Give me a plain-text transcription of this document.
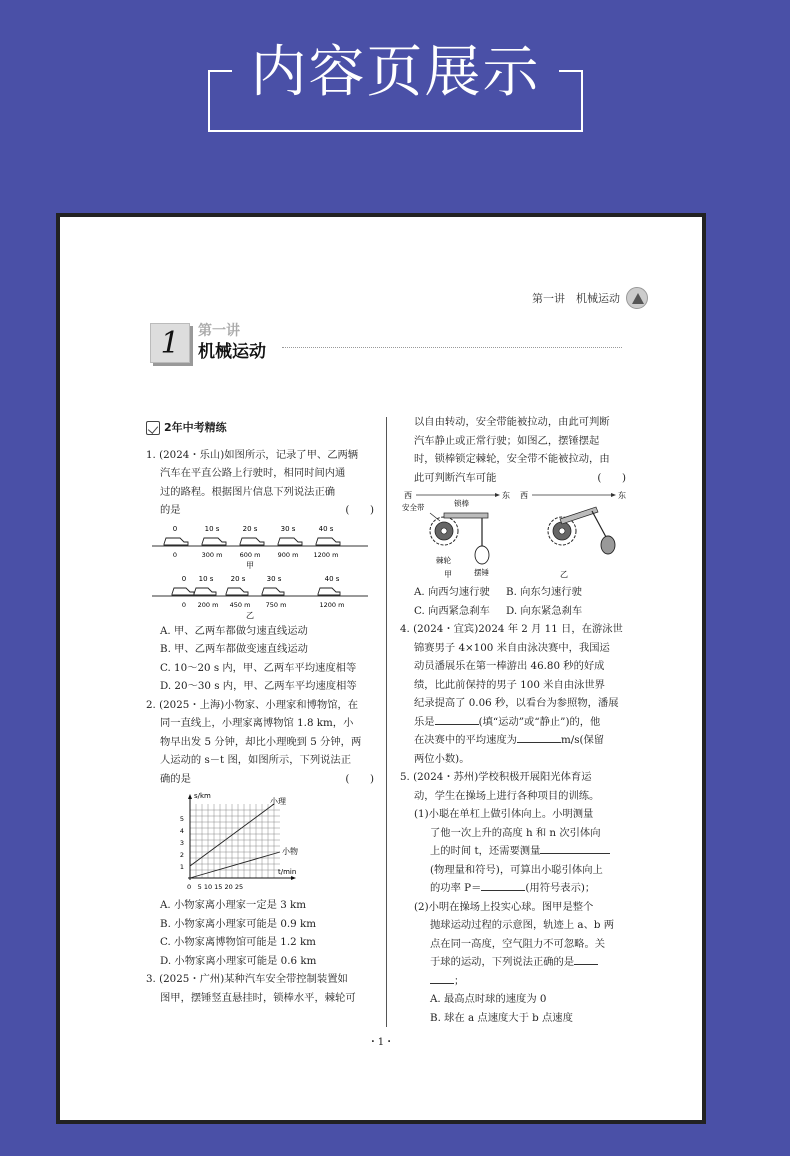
内容页展示
第一讲　机械运动
1	第一讲
机械运动
2年中考精练
1. (2024・乐山)如图所示，记录了甲、乙两辆
汽车在平直公路上行驶时，相同时间内通
过的路程。根据图片信息下列说法正确
的是	(　　)
0	10 s	20 s	30 s	40 s
0	300 m	600 m	900 m 1200 m
甲
0 10 s 20 s	30 s	40 s
0 200 m 450 m 750 m	1200 m
乙
A. 甲、乙两车都做匀速直线运动
B. 甲、乙两车都做变速直线运动
C. 10～20 s 内，甲、乙两车平均速度相等
D. 20～30 s 内，甲、乙两车平均速度相等
2. (2025・上海)小物家、小理家和博物馆，在
同一直线上，小理家离博物馆 1.8 km，小
物早出发 5 分钟，却比小理晚到 5 分钟，两
人运动的 s－t 图，如图所示，下列说法正
确的是	(　　)
s/km
t/min
1
2
3
4
5
0　5 10 15 20 25
小理
小物
A. 小物家离小理家一定是 3 km
B. 小物家离小理家可能是 0.9 km
C. 小物家离博物馆可能是 1.2 km
D. 小物家离小理家可能是 0.6 km
3. (2025・广州)某种汽车安全带控制装置如
图甲，摆锤竖直悬挂时，锁棒水平，棘轮可
以自由转动，安全带能被拉动，由此可判断
汽车静止或正常行驶；如图乙，摆锤摆起
时，锁棒锁定棘轮，安全带不能被拉动，由
此可判断汽车可能	(　　)
西	东
安全带	锁棒
棘轮
摆锤
甲
西	东
乙
A. 向西匀速行驶	B. 向东匀速行驶
C. 向西紧急刹车	D. 向东紧急刹车
4. (2024・宜宾)2024 年 2 月 11 日，在游泳世
锦赛男子 4×100 米自由泳决赛中，我国运
动员潘展乐在第一棒游出 46.80 秒的好成
绩，比此前保持的男子 100 米自由泳世界
纪录提高了 0.06 秒，以看台为参照物，潘展
乐是	(填“运动”或“静止”)的，他
在决赛中的平均速度为	m/s(保留
两位小数)。
5. (2024・苏州)学校积极开展阳光体育运
动，学生在操场上进行各种项目的训练。
(1)小聪在单杠上做引体向上。小明测量
了他一次上升的高度 h 和 n 次引体向
上的时间 t，还需要测量
(物理量和符号)，可算出小聪引体向上
的功率 P＝	(用符号表示)；
(2)小明在操场上投实心球。图甲是整个
抛球运动过程的示意图，轨迹上 a、b 两
点在同一高度，空气阻力不可忽略。关
于球的运动，下列说法正确的是
；
A. 最高点时球的速度为 0
B. 球在 a 点速度大于 b 点速度
・1・
